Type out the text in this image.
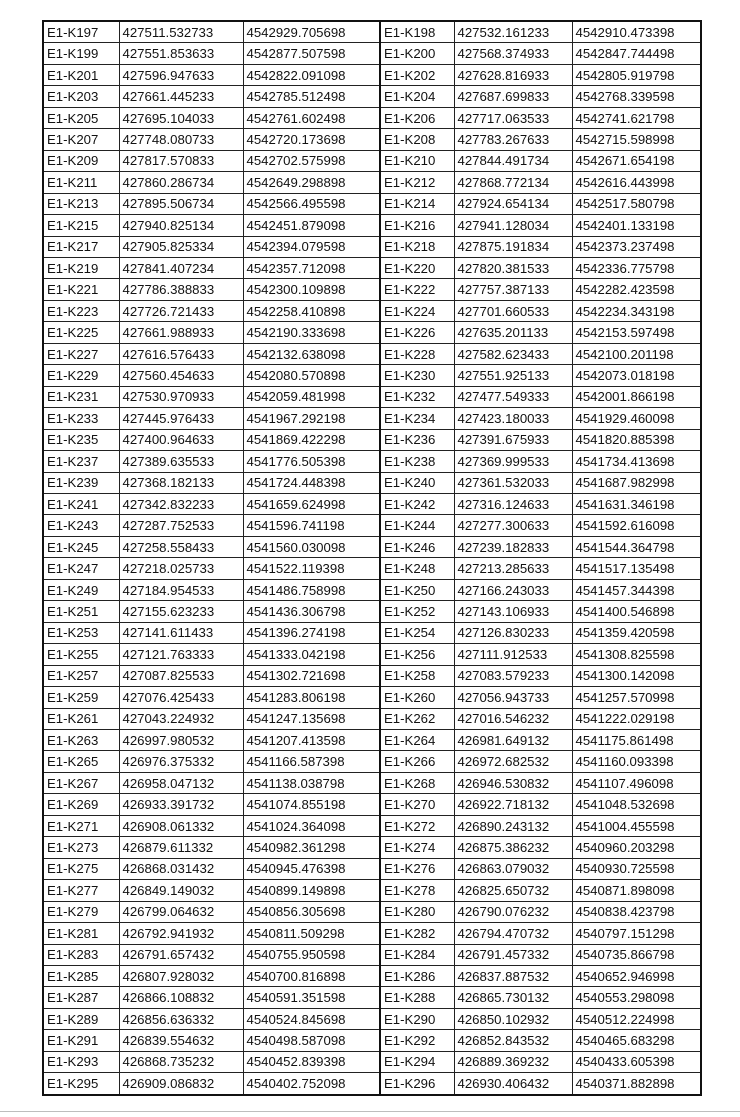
E1-K197	427511.532733	4542929.705698	E1-K198	427532.161233	4542910.473398
E1-K199	427551.853633	4542877.507598	E1-K200	427568.374933	4542847.744498
E1-K201	427596.947633	4542822.091098	E1-K202	427628.816933	4542805.919798
E1-K203	427661.445233	4542785.512498	E1-K204	427687.699833	4542768.339598
E1-K205	427695.104033	4542761.602498	E1-K206	427717.063533	4542741.621798
E1-K207	427748.080733	4542720.173698	E1-K208	427783.267633	4542715.598998
E1-K209	427817.570833	4542702.575998	E1-K210	427844.491734	4542671.654198
E1-K211	427860.286734	4542649.298898	E1-K212	427868.772134	4542616.443998
E1-K213	427895.506734	4542566.495598	E1-K214	427924.654134	4542517.580798
E1-K215	427940.825134	4542451.879098	E1-K216	427941.128034	4542401.133198
E1-K217	427905.825334	4542394.079598	E1-K218	427875.191834	4542373.237498
E1-K219	427841.407234	4542357.712098	E1-K220	427820.381533	4542336.775798
E1-K221	427786.388833	4542300.109898	E1-K222	427757.387133	4542282.423598
E1-K223	427726.721433	4542258.410898	E1-K224	427701.660533	4542234.343198
E1-K225	427661.988933	4542190.333698	E1-K226	427635.201133	4542153.597498
E1-K227	427616.576433	4542132.638098	E1-K228	427582.623433	4542100.201198
E1-K229	427560.454633	4542080.570898	E1-K230	427551.925133	4542073.018198
E1-K231	427530.970933	4542059.481998	E1-K232	427477.549333	4542001.866198
E1-K233	427445.976433	4541967.292198	E1-K234	427423.180033	4541929.460098
E1-K235	427400.964633	4541869.422298	E1-K236	427391.675933	4541820.885398
E1-K237	427389.635533	4541776.505398	E1-K238	427369.999533	4541734.413698
E1-K239	427368.182133	4541724.448398	E1-K240	427361.532033	4541687.982998
E1-K241	427342.832233	4541659.624998	E1-K242	427316.124633	4541631.346198
E1-K243	427287.752533	4541596.741198	E1-K244	427277.300633	4541592.616098
E1-K245	427258.558433	4541560.030098	E1-K246	427239.182833	4541544.364798
E1-K247	427218.025733	4541522.119398	E1-K248	427213.285633	4541517.135498
E1-K249	427184.954533	4541486.758998	E1-K250	427166.243033	4541457.344398
E1-K251	427155.623233	4541436.306798	E1-K252	427143.106933	4541400.546898
E1-K253	427141.611433	4541396.274198	E1-K254	427126.830233	4541359.420598
E1-K255	427121.763333	4541333.042198	E1-K256	427111.912533	4541308.825598
E1-K257	427087.825533	4541302.721698	E1-K258	427083.579233	4541300.142098
E1-K259	427076.425433	4541283.806198	E1-K260	427056.943733	4541257.570998
E1-K261	427043.224932	4541247.135698	E1-K262	427016.546232	4541222.029198
E1-K263	426997.980532	4541207.413598	E1-K264	426981.649132	4541175.861498
E1-K265	426976.375332	4541166.587398	E1-K266	426972.682532	4541160.093398
E1-K267	426958.047132	4541138.038798	E1-K268	426946.530832	4541107.496098
E1-K269	426933.391732	4541074.855198	E1-K270	426922.718132	4541048.532698
E1-K271	426908.061332	4541024.364098	E1-K272	426890.243132	4541004.455598
E1-K273	426879.611332	4540982.361298	E1-K274	426875.386232	4540960.203298
E1-K275	426868.031432	4540945.476398	E1-K276	426863.079032	4540930.725598
E1-K277	426849.149032	4540899.149898	E1-K278	426825.650732	4540871.898098
E1-K279	426799.064632	4540856.305698	E1-K280	426790.076232	4540838.423798
E1-K281	426792.941932	4540811.509298	E1-K282	426794.470732	4540797.151298
E1-K283	426791.657432	4540755.950598	E1-K284	426791.457332	4540735.866798
E1-K285	426807.928032	4540700.816898	E1-K286	426837.887532	4540652.946998
E1-K287	426866.108832	4540591.351598	E1-K288	426865.730132	4540553.298098
E1-K289	426856.636332	4540524.845698	E1-K290	426850.102932	4540512.224998
E1-K291	426839.554632	4540498.587098	E1-K292	426852.843532	4540465.683298
E1-K293	426868.735232	4540452.839398	E1-K294	426889.369232	4540433.605398
E1-K295	426909.086832	4540402.752098	E1-K296	426930.406432	4540371.882898
